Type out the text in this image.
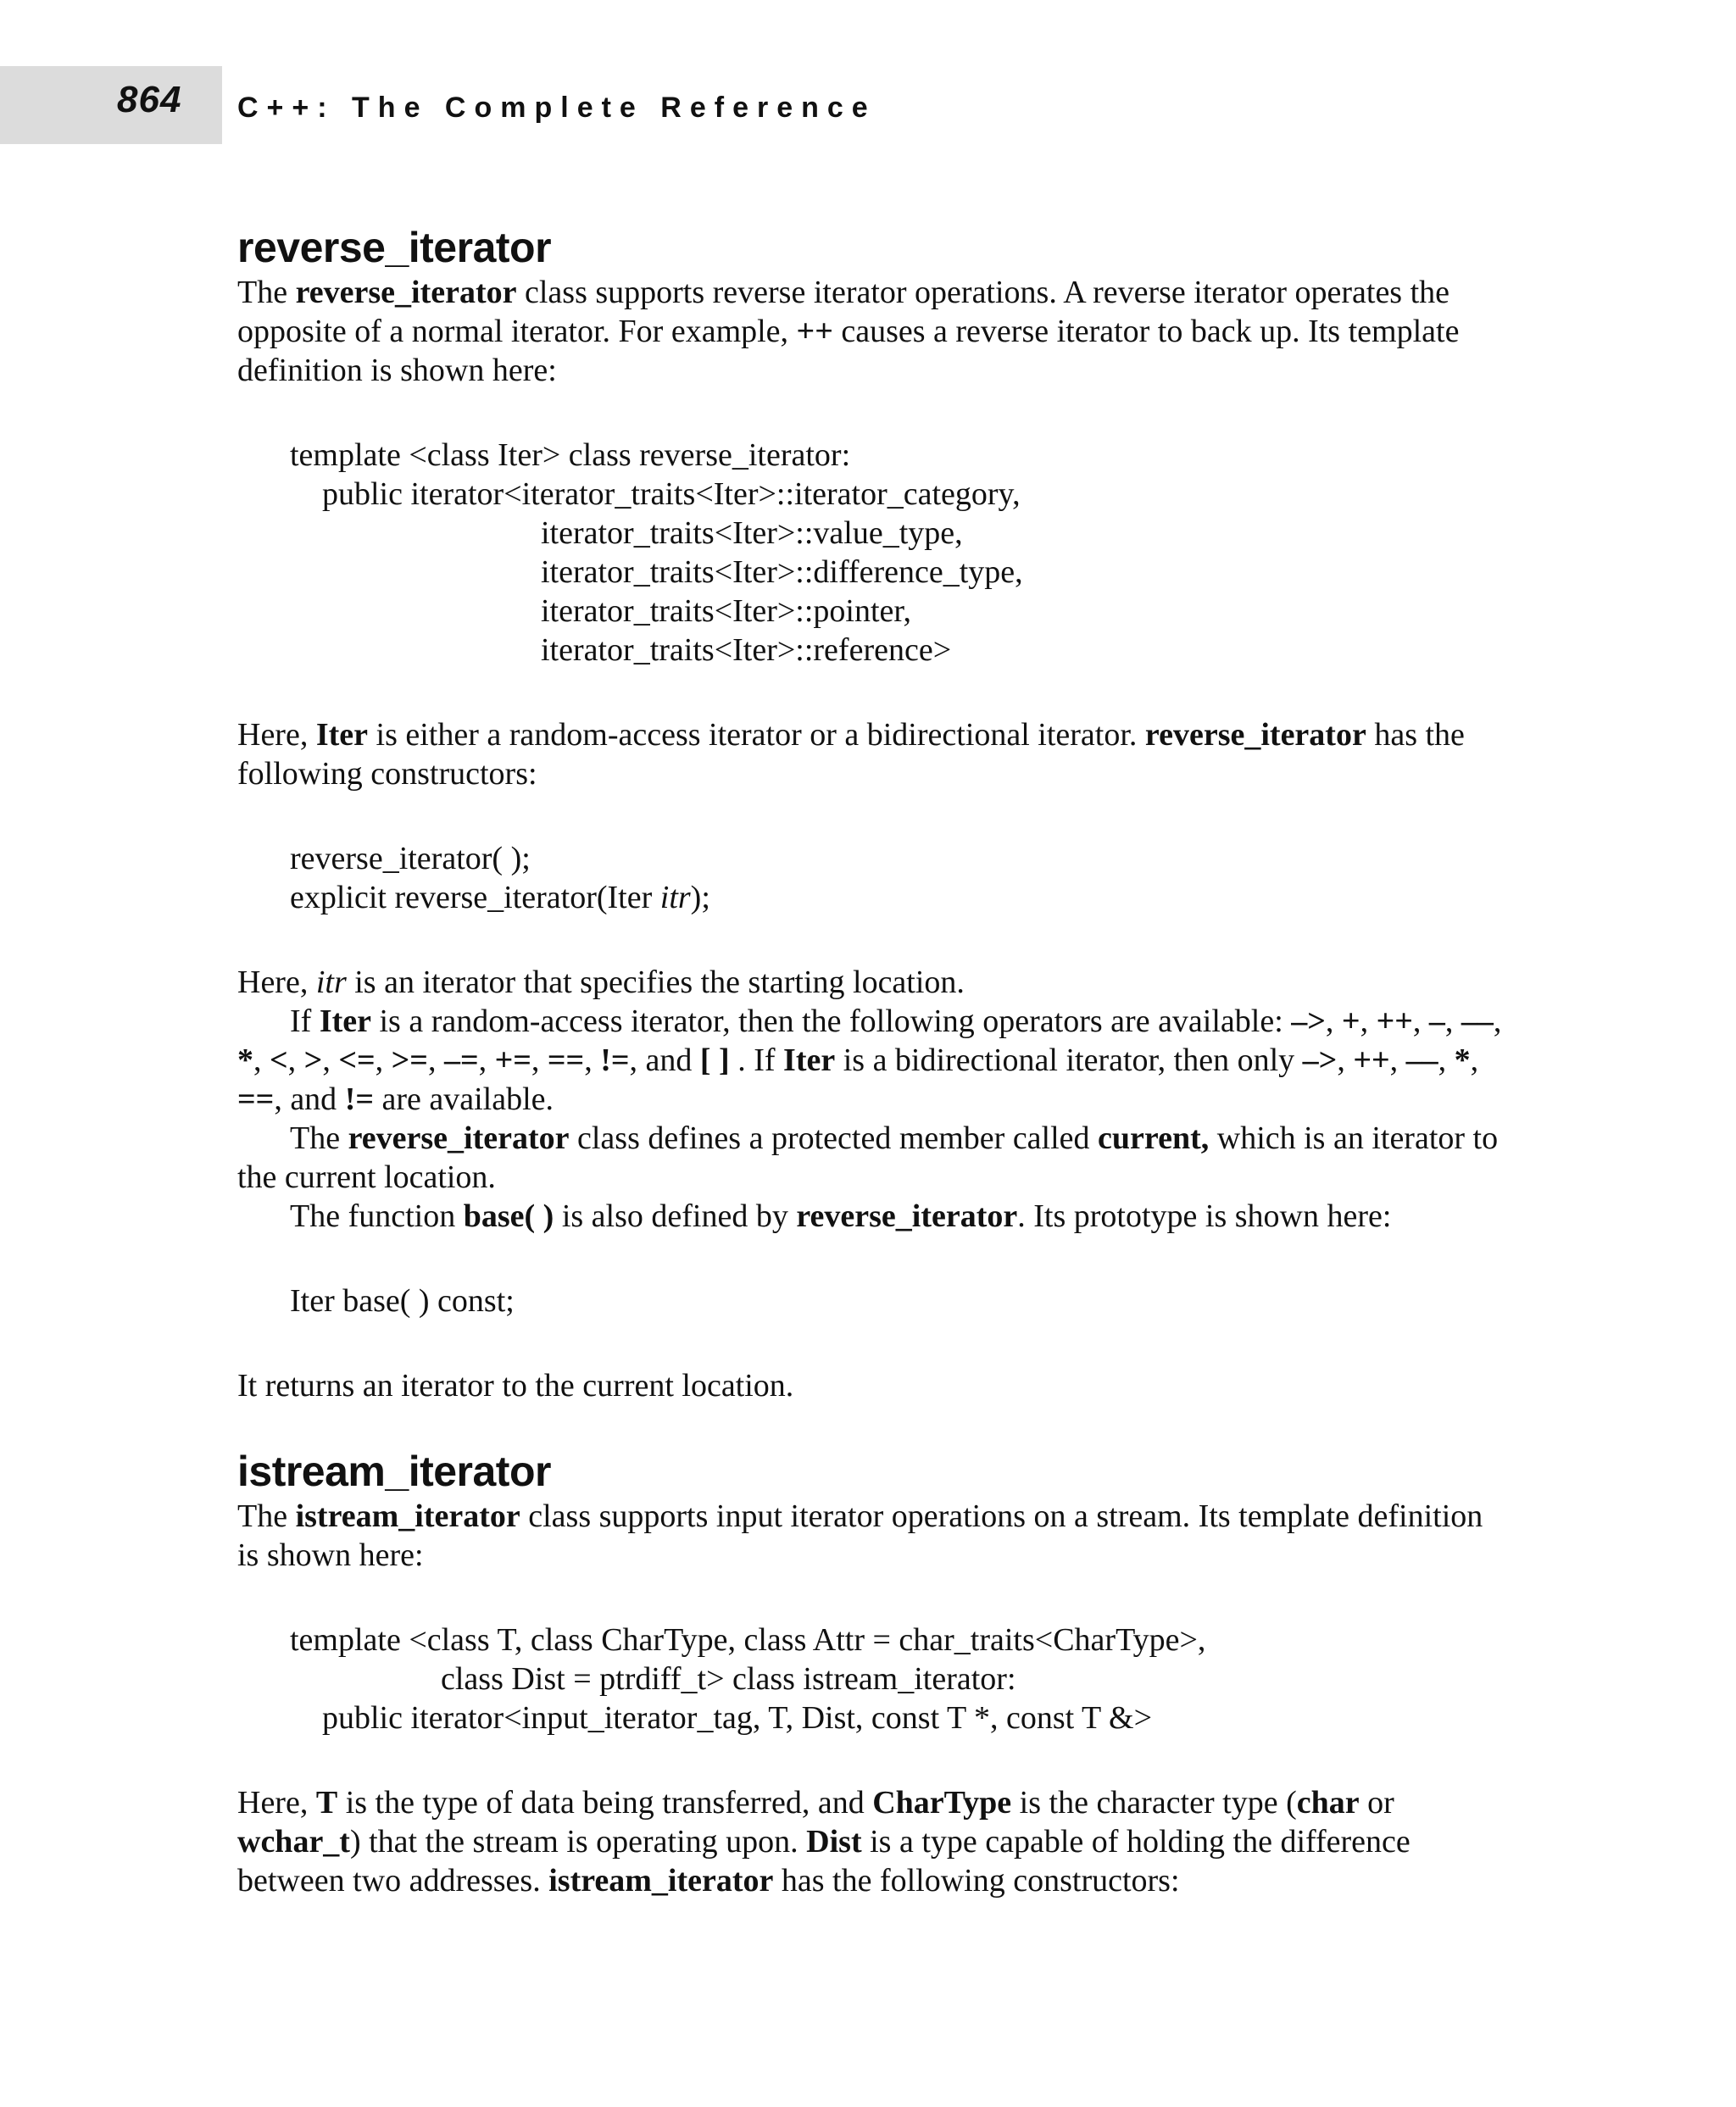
864 C++: The Complete Reference
reverse_iterator

The reverse_iterator class supports reverse iterator operations. A reverse iterator operates the opposite of a normal iterator. For example, ++ causes a reverse iterator to back up. Its template definition is shown here:

template <class Iter> class reverse_iterator:
public iterator<iterator_traits<Iter>::iterator_category,
iterator_traits<Iter>::value_type,
iterator_traits<Iter>::difference_type,
iterator_traits<Iter>::pointer,
iterator_traits<Iter>::reference>

Here, Iter is either a random-access iterator or a bidirectional iterator. reverse_iterator has the following constructors:

reverse_iterator( );
explicit reverse_iterator(Iter itr);

Here, itr is an iterator that specifies the starting location.

If Iter is a random-access iterator, then the following operators are available: –>, +, ++, –, ––, *, <, >, <=, >=, –=, +=, ==, !=, and [ ] . If Iter is a bidirectional iterator, then only –>, ++, ––, *, ==, and != are available.

The reverse_iterator class defines a protected member called current, which is an iterator to the current location.

The function base( ) is also defined by reverse_iterator. Its prototype is shown here:

Iter base( ) const;

It returns an iterator to the current location.

istream_iterator

The istream_iterator class supports input iterator operations on a stream. Its template definition is shown here:

template <class T, class CharType, class Attr = char_traits<CharType>,
class Dist = ptrdiff_t> class istream_iterator:
public iterator<input_iterator_tag, T, Dist, const T *, const T &>

Here, T is the type of data being transferred, and CharType is the character type (char or wchar_t) that the stream is operating upon. Dist is a type capable of holding the difference between two addresses. istream_iterator has the following constructors:
